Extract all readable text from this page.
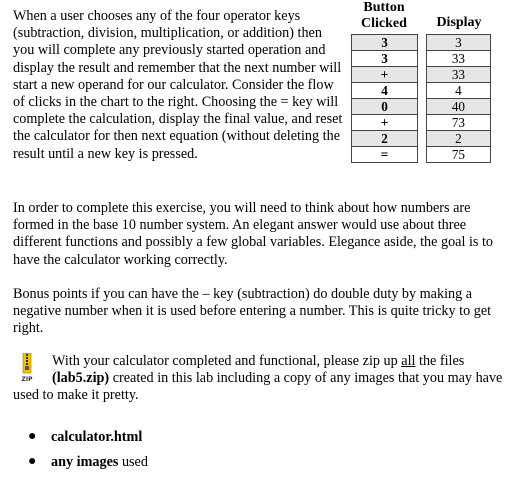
When a user chooses any of the four operator keys (subtraction, division, multiplication, or addition) then you will complete any previously started operation and display the result and remember that the next number will start a new operand for our calculator. Consider the flow of clicks in the chart to the right. Choosing the = key will complete the calculation, display the final value, and reset the calculator for then next equation (without deleting the result until a new key is pressed.
Button Clicked	Display
3		3
3		33
+		33
4		4
0		40
+		73
2		2
=		75
In order to complete this exercise, you will need to think about how numbers are formed in the base 10 number system. An elegant answer would use about three different functions and possibly a few global variables. Elegance aside, the goal is to have the calculator working correctly.
Bonus points if you can have the – key (subtraction) do double duty by making a negative number when it is used before entering a number. This is quite tricky to get right.
ZIP
With your calculator completed and functional, please zip up all the files
(lab5.zip) created in this lab including a copy of any images that you may have used to make it pretty.
● calculator.html
● any images used
